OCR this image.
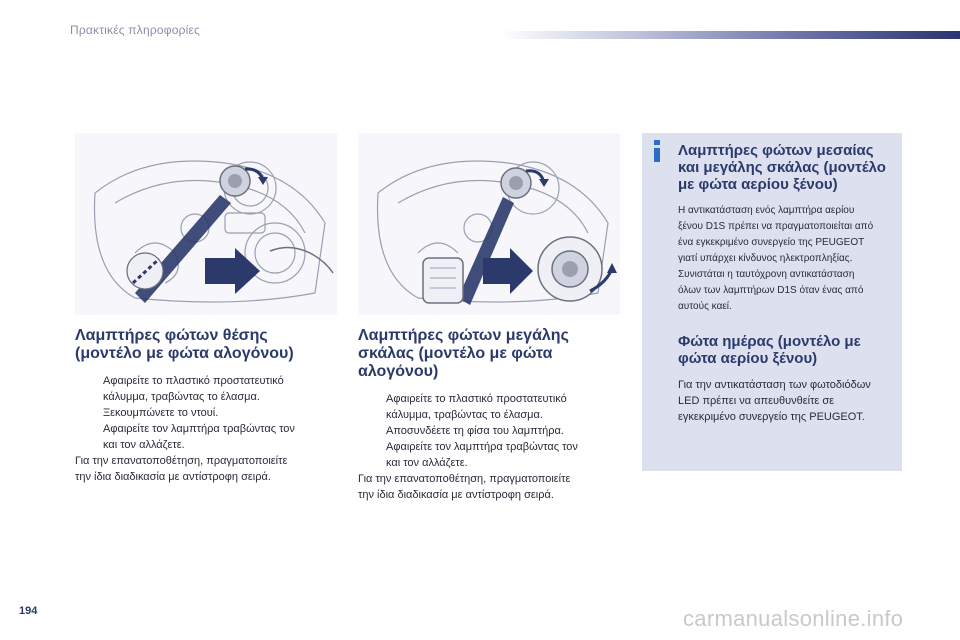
Πρακτικές πληροφορίες
Λαμπτήρες φώτων θέσης
(μοντέλο με φώτα αλογόνου)
Αφαιρείτε το πλαστικό προστατευτικό
κάλυμμα, τραβώντας το έλασμα.
Ξεκουμπώνετε το ντουί.
Αφαιρείτε τον λαμπτήρα τραβώντας τον
και τον αλλάζετε.

Για την επανατοποθέτηση, πραγματοποιείτε
την ίδια διαδικασία με αντίστροφη σειρά.

Λαμπτήρες φώτων μεγάλης
σκάλας (μοντέλο με φώτα
αλογόνου)
Αφαιρείτε το πλαστικό προστατευτικό
κάλυμμα, τραβώντας το έλασμα.
Αποσυνδέετε τη φίσα του λαμπτήρα.
Αφαιρείτε τον λαμπτήρα τραβώντας τον
και τον αλλάζετε.

Για την επανατοποθέτηση, πραγματοποιείτε
την ίδια διαδικασία με αντίστροφη σειρά.

Λαμπτήρες φώτων μεσαίας
και μεγάλης σκάλας (μοντέλο
με φώτα αερίου ξένου)

Η αντικατάσταση ενός λαμπτήρα αερίου
ξένου D1S πρέπει να πραγματοποιείται από
ένα εγκεκριμένο συνεργείο της PEUGEOT
γιατί υπάρχει κίνδυνος ηλεκτροπληξίας.
Συνιστάται η ταυτόχρονη αντικατάσταση
όλων των λαμπτήρων D1S όταν ένας από
αυτούς καεί.

Φώτα ημέρας (μοντέλο με
φώτα αερίου ξένου)

Για την αντικατάσταση των φωτοδιόδων
LED πρέπει να απευθυνθείτε σε
εγκεκριμένο συνεργείο της PEUGEOT.

194	carmanualsonline.info
